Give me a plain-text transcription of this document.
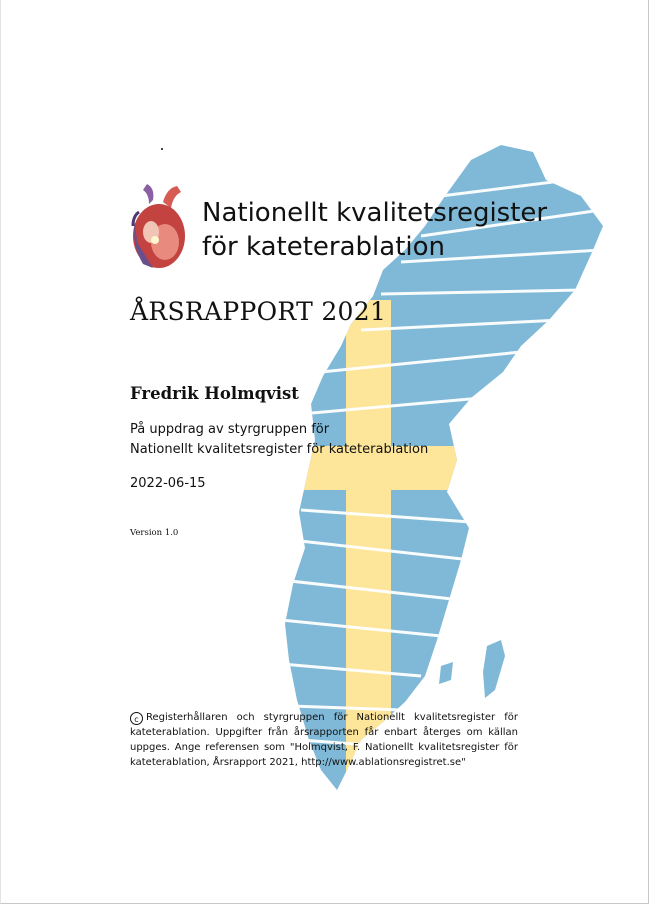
Nationellt kvalitetsregister
för kateterablation
ÅRSRAPPORT 2021
Fredrik Holmqvist
På uppdrag av styrgruppen för
Nationellt kvalitetsregister för kateterablation
2022-06-15
Version 1.0
c Registerhållaren och styrgruppen för Nationellt kvalitetsregister för kateterablation. Uppgifter från årsrapporten får enbart återges om källan uppges. Ange referensen som "Holmqvist, F. Nationellt kvalitetsregister för kateterablation, Årsrapport 2021, http://www.ablationsregistret.se"
